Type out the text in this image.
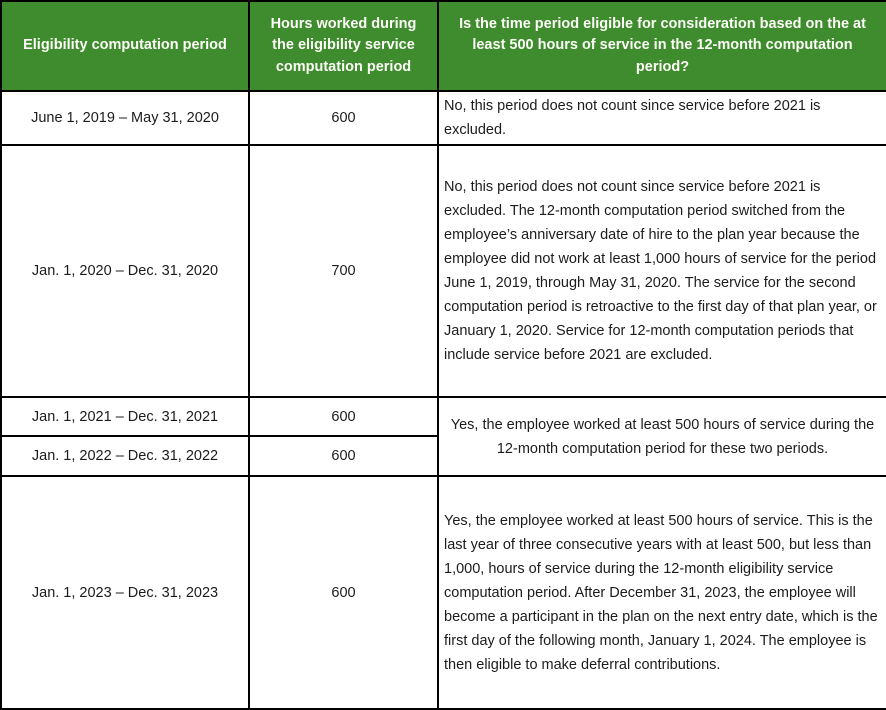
Eligibility computation period	Hours worked during the eligibility service computation period	Is the time period eligible for consideration based on the at least 500 hours of service in the 12-month computation period?
June 1, 2019 – May 31, 2020	600	No, this period does not count since service before 2021 is excluded.
Jan. 1, 2020 – Dec. 31, 2020	700	No, this period does not count since service before 2021 is excluded. The 12-month computation period switched from the employee’s anniversary date of hire to the plan year because the employee did not work at least 1,000 hours of service for the period June 1, 2019, through May 31, 2020. The service for the second computation period is retroactive to the first day of that plan year, or January 1, 2020. Service for 12-month computation periods that include service before 2021 are excluded.
Jan. 1, 2021 – Dec. 31, 2021	600	Yes, the employee worked at least 500 hours of service during the 12-month computation period for these two periods.
Jan. 1, 2022 – Dec. 31, 2022	600	
Jan. 1, 2023 – Dec. 31, 2023	600	Yes, the employee worked at least 500 hours of service. This is the last year of three consecutive years with at least 500, but less than 1,000, hours of service during the 12-month eligibility service computation period. After December 31, 2023, the employee will become a participant in the plan on the next entry date, which is the first day of the following month, January 1, 2024. The employee is then eligible to make deferral contributions.
